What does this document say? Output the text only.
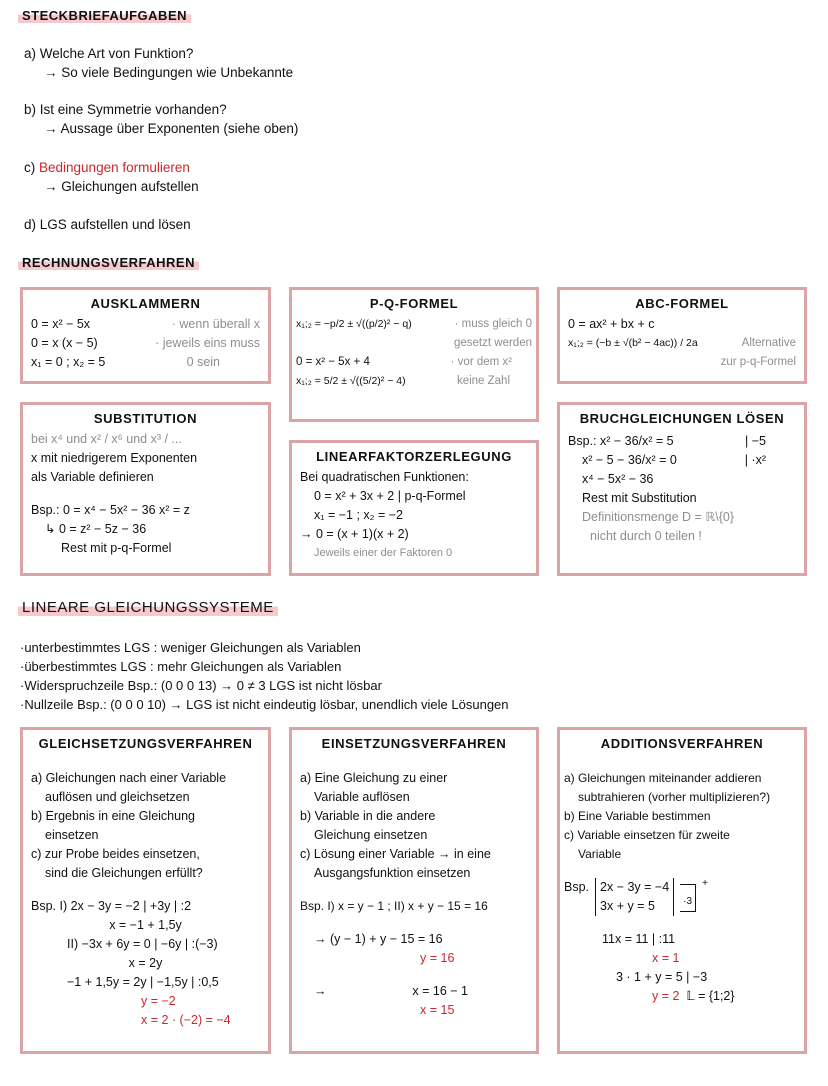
STECKBRIEFAUFGABEN
a) Welche Art von Funktion?
→ So viele Bedingungen wie Unbekannte
b) Ist eine Symmetrie vorhanden?
→ Aussage über Exponenten (siehe oben)
c) Bedingungen formulieren
→ Gleichungen aufstellen
d) LGS aufstellen und lösen
RECHNUNGSVERFAHREN
AUSKLAMMERN
0 = x² − 5x	· wenn überall x
0 = x (x − 5)	· jeweils eins muss
x₁ = 0 ; x₂ = 5	0 sein
P-Q-FORMEL
x₁;₂ = −p/2 ± √((p/2)² − q)	· muss gleich 0
gesetzt werden
0 = x² − 5x + 4	· vor dem x²
x₁;₂ = 5/2 ± √((5/2)² − 4)	keine Zahl
ABC-FORMEL
0 = ax² + bx + c
x₁;₂ = (−b ± √(b² − 4ac)) / 2a	Alternative
zur p-q-Formel
SUBSTITUTION
bei x⁴ und x² / x⁶ und x³ / ...
x mit niedrigerem Exponenten
als Variable definieren
Bsp.: 0 = x⁴ − 5x² − 36 x² = z
↳ 0 = z² − 5z − 36
Rest mit p-q-Formel
LINEARFAKTORZERLEGUNG
Bei quadratischen Funktionen:
0 = x² + 3x + 2 | p-q-Formel
x₁ = −1 ; x₂ = −2
→ 0 = (x + 1)(x + 2)
Jeweils einer der Faktoren 0
BRUCHGLEICHUNGEN LÖSEN
Bsp.: x² − 36/x² = 5	| −5
x² − 5 − 36/x² = 0	| ·x²
x⁴ − 5x² − 36
Rest mit Substitution
Definitionsmenge D = ℝ\{0}
nicht durch 0 teilen !
LINEARE GLEICHUNGSSYSTEME
·unterbestimmtes LGS : weniger Gleichungen als Variablen
·überbestimmtes LGS : mehr Gleichungen als Variablen
·Widerspruchzeile Bsp.: (0 0 0 13) → 0 ≠ 3 LGS ist nicht lösbar
·Nullzeile Bsp.: (0 0 0 10) → LGS ist nicht eindeutig lösbar, unendlich viele Lösungen
GLEICHSETZUNGSVERFAHREN
a) Gleichungen nach einer Variable
auflösen und gleichsetzen
b) Ergebnis in eine Gleichung
einsetzen
c) zur Probe beides einsetzen,
sind die Gleichungen erfüllt?
Bsp. I) 2x − 3y = −2 | +3y | :2
x = −1 + 1,5y
II) −3x + 6y = 0 | −6y | :(−3)
x = 2y
−1 + 1,5y = 2y | −1,5y | :0,5
y = −2
x = 2 · (−2) = −4
EINSETZUNGSVERFAHREN
a) Eine Gleichung zu einer
Variable auflösen
b) Variable in die andere
Gleichung einsetzen
c) Lösung einer Variable → in eine
Ausgangsfunktion einsetzen
Bsp. I) x = y − 1 ; II) x + y − 15 = 16
→ (y − 1) + y − 15 = 16
y = 16
→	x = 16 − 1
x = 15
ADDITIONSVERFAHREN
a) Gleichungen miteinander addieren
subtrahieren (vorher multiplizieren?)
b) Eine Variable bestimmen
c) Variable einsetzen für zweite
Variable
Bsp. 2x − 3y = −4
3x + y = 5	·3
+
11x = 11 | :11
x = 1
3 · 1 + y = 5 | −3
y = 2 𝕃 = {1;2}
